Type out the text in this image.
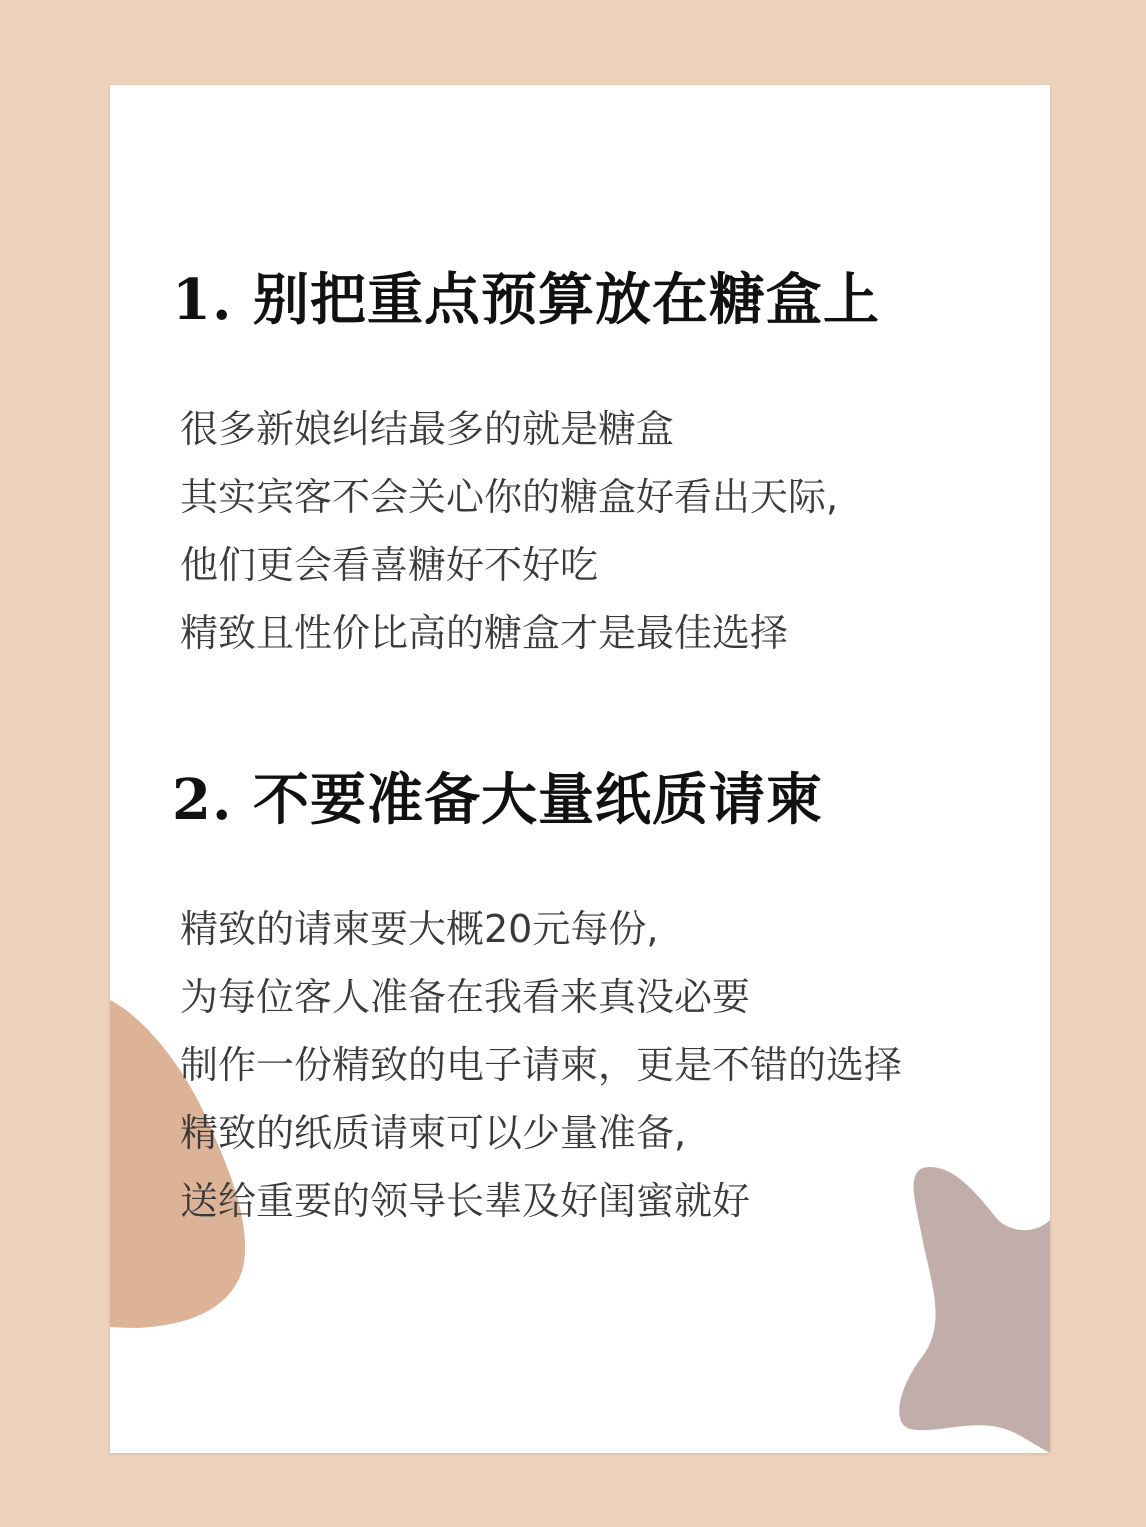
1. 别把重点预算放在糖盒上
很多新娘纠结最多的就是糖盒
其实宾客不会关心你的糖盒好看出天际,
他们更会看喜糖好不好吃
精致且性价比高的糖盒才是最佳选择
2. 不要准备大量纸质请柬
精致的请柬要大概20元每份,
为每位客人准备在我看来真没必要
制作一份精致的电子请柬，更是不错的选择
精致的纸质请柬可以少量准备,
送给重要的领导长辈及好闺蜜就好
